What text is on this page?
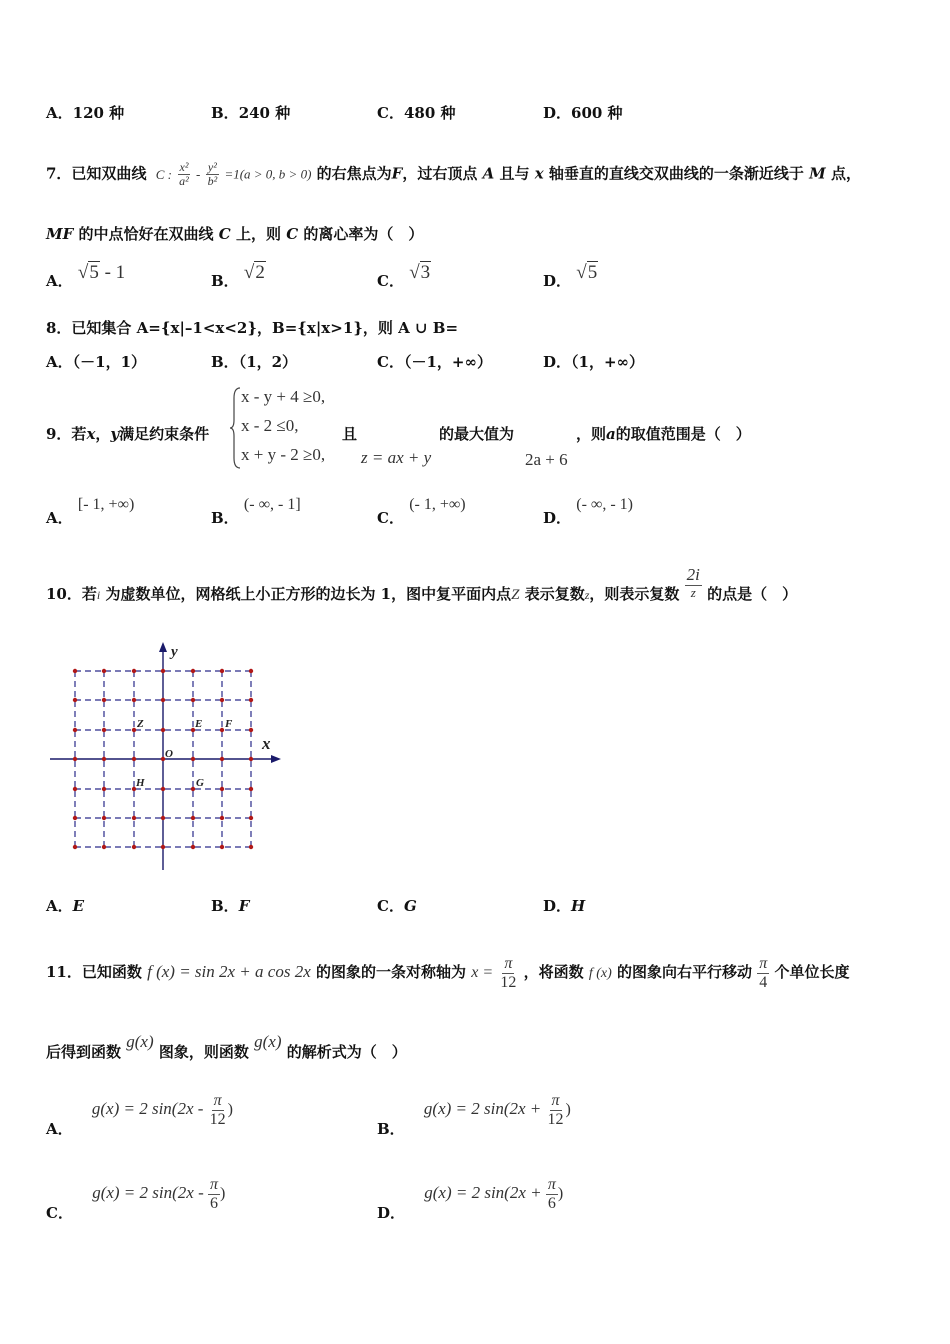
A．120 种	B．240 种	C．480 种	D．600 种
7．已知双曲线 C : $\frac{\text{x²}}{\text{a²}} - \frac{\text{y²}}{\text{b²}} =1(a > 0$, b > 0) 的右焦点为F，过右顶点 A 且与 x 轴垂直的直线交双曲线的一条渐近线于 M 点，
MF 的中点恰好在双曲线 C 上，则 C 的离心率为（　）
A． √5 - 1	B． √2	C． √3	D． √5
8．已知集合 A={x|–1<x<2}，B={x|x>1}，则 A ∪ B=
A．（－1，1）	B．（1，2）	C．（－1，+∞）	D．（1，+∞）
9．若x，y满足约束条件
x - y + 4 ≥0,
x - 2 ≤0,
x + y - 2 ≥0,
且
z = ax + y
的最大值为
2a + 6
，则a的取值范围是（　）
A． [- 1, +∞)
B． (- ∞, - 1]
C． (- 1, +∞)
D． (- ∞, - 1)
10．若i 为虚数单位，网格纸上小正方形的边长为 1，图中复平面内点Z 表示复数z，则表示复数 $\frac{2i}{z}$ 的点是（　）
y
x
O
Z	E F
H	G
A．E	B．F	C．G	D．H
11．已知函数 f (x) = sin 2x + a cos 2x 的图象的一条对称轴为 $x = \frac{\pi}{12}$ ，将函数 f (x) 的图象向右平行移动 $\frac{\pi}{4}$ 个单位长度
后得到函数 g(x) 图象，则函数 g(x) 的解析式为（　）
A． g(x) = 2 $\sin(2x - \frac{\pi}{12}$ )
B． g(x) = 2 $\sin(2x + \frac{\pi}{12}$ )
C． g(x) = 2 $\sin(2x - \frac{\pi}{6}$ )
D． g(x) = 2 $\sin(2x + \frac{\pi}{6}$ )
